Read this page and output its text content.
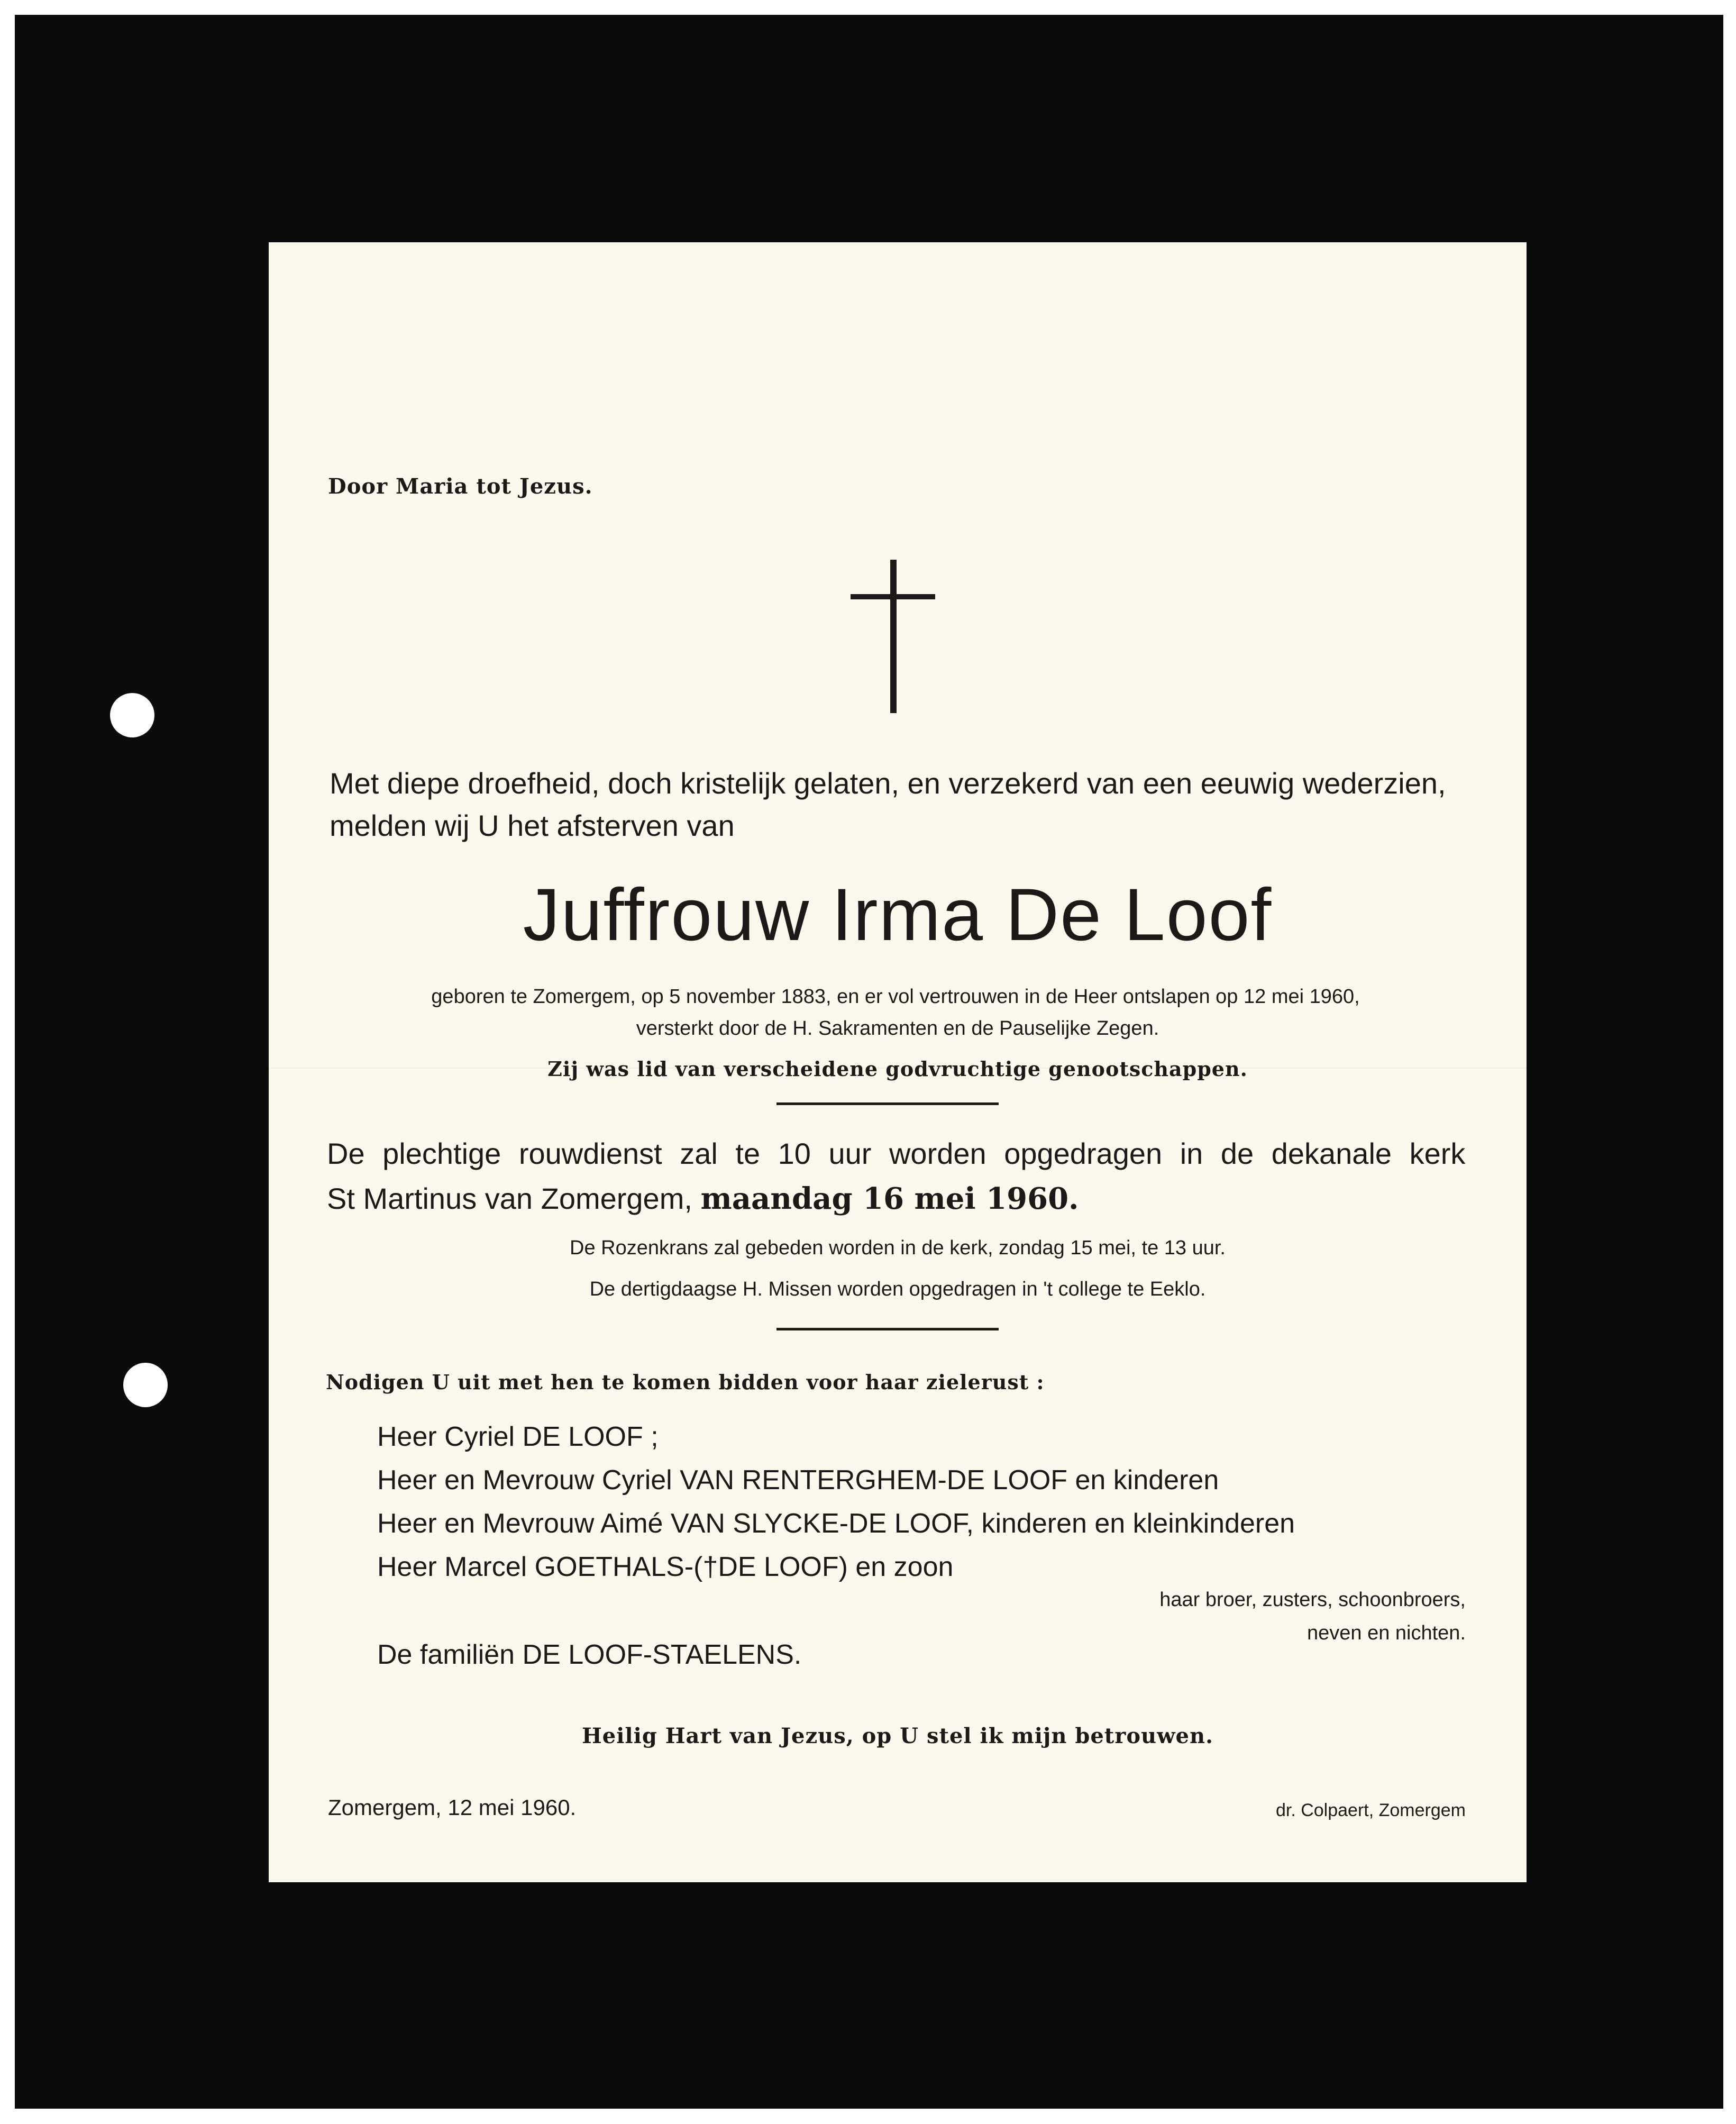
Door Maria tot Jezus.
Met diepe droefheid, doch kristelijk gelaten, en verzekerd van een eeuwig wederzien,
melden wij U het afsterven van
Juffrouw Irma De Loof
geboren te Zomergem, op 5 november 1883, en er vol vertrouwen in de Heer ontslapen op 12 mei 1960,
versterkt door de H. Sakramenten en de Pauselijke Zegen.
Zij was lid van verscheidene godvruchtige genootschappen.
De plechtige rouwdienst zal te 10 uur worden opgedragen in de dekanale kerk
St Martinus van Zomergem, maandag 16 mei 1960.
De Rozenkrans zal gebeden worden in de kerk, zondag 15 mei, te 13 uur.
De dertigdaagse H. Missen worden opgedragen in 't college te Eeklo.
Nodigen U uit met hen te komen bidden voor haar zielerust :
Heer Cyriel DE LOOF ;
Heer en Mevrouw Cyriel VAN RENTERGHEM-DE LOOF en kinderen
Heer en Mevrouw Aimé VAN SLYCKE-DE LOOF, kinderen en kleinkinderen
Heer Marcel GOETHALS-(†DE LOOF) en zoon
haar broer, zusters, schoonbroers,
neven en nichten.
De familiën DE LOOF-STAELENS.
Heilig Hart van Jezus, op U stel ik mijn betrouwen.
Zomergem, 12 mei 1960.	dr. Colpaert, Zomergem
